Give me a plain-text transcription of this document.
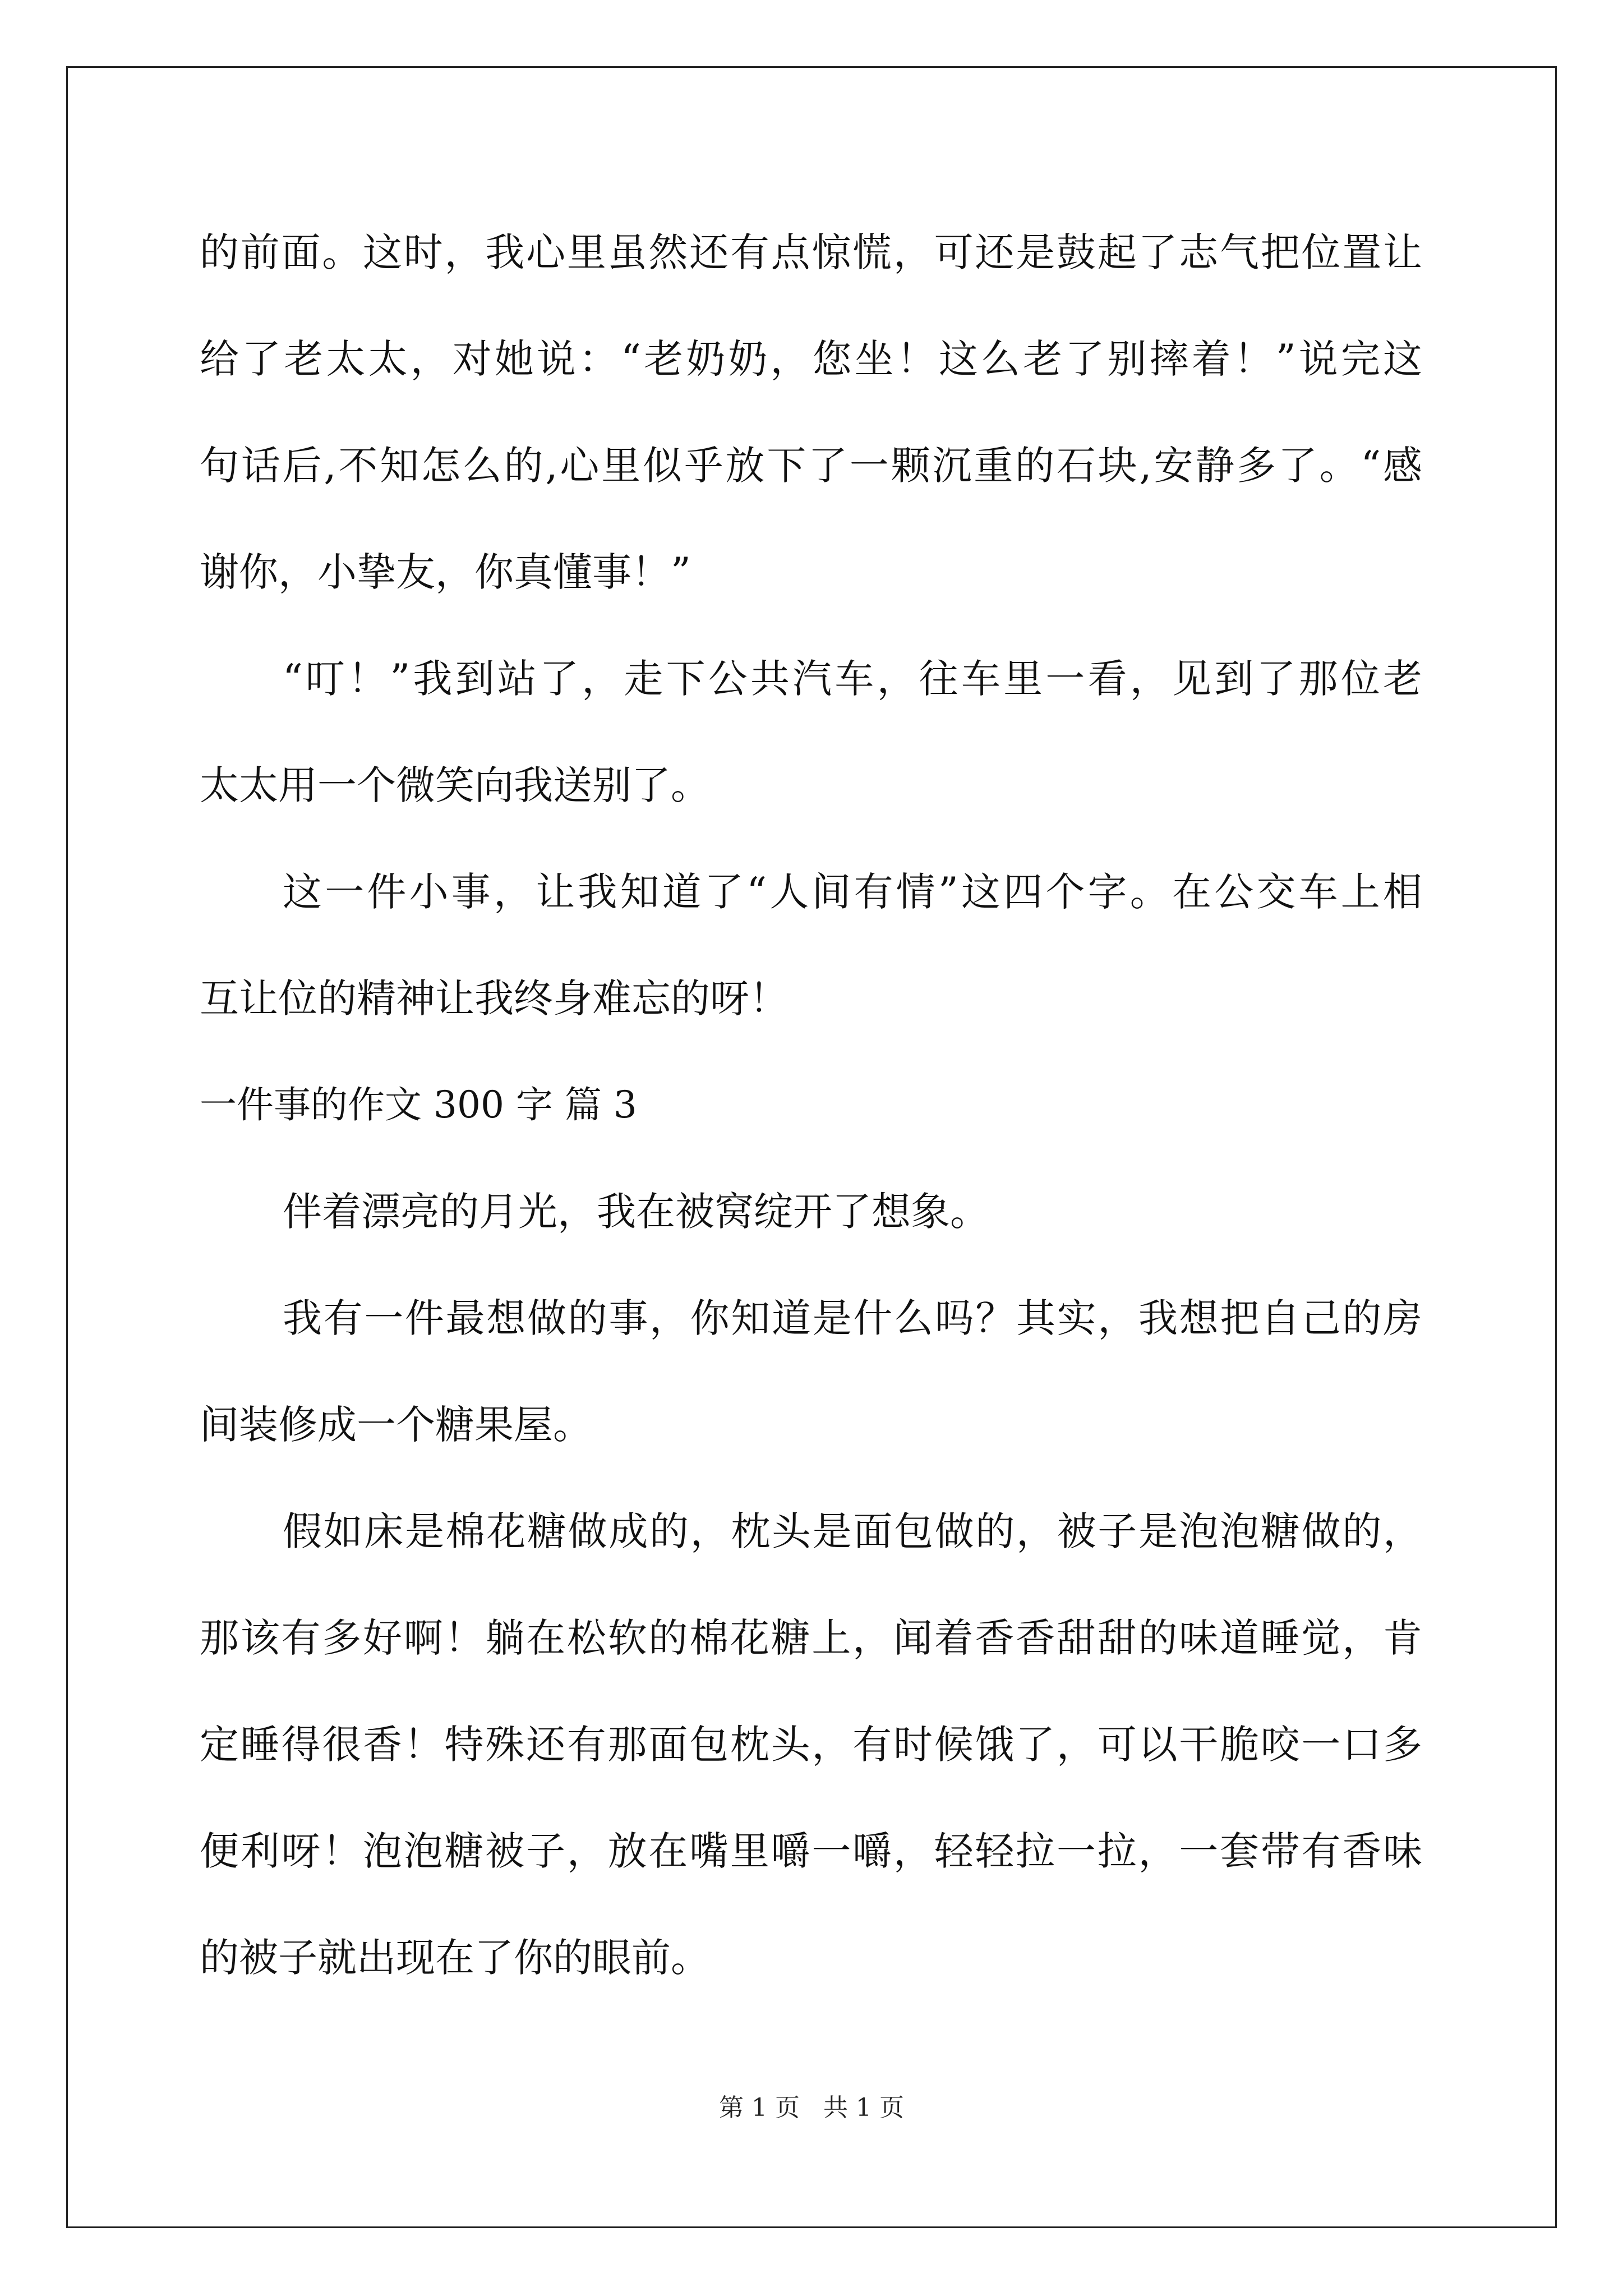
的前面。这时，我心里虽然还有点惊慌，可还是鼓起了志气把位置让
给了老太太，对她说：“老奶奶，您坐！这么老了别摔着！”说完这
句话后,不知怎么的,心里似乎放下了一颗沉重的石块,安静多了。“感
谢你，小挚友，你真懂事！”
“叮！”我到站了，走下公共汽车，往车里一看，见到了那位老
太太用一个微笑向我送别了。
这一件小事，让我知道了“人间有情”这四个字。在公交车上相
互让位的精神让我终身难忘的呀！
一件事的作文 300 字 篇 3
伴着漂亮的月光，我在被窝绽开了想象。
我有一件最想做的事，你知道是什么吗？其实，我想把自己的房
间装修成一个糖果屋。
假如床是棉花糖做成的，枕头是面包做的，被子是泡泡糖做的，
那该有多好啊！躺在松软的棉花糖上，闻着香香甜甜的味道睡觉，肯
定睡得很香！特殊还有那面包枕头，有时候饿了，可以干脆咬一口多
便利呀！泡泡糖被子，放在嘴里嚼一嚼，轻轻拉一拉，一套带有香味
的被子就出现在了你的眼前。
第 1 页 共 1 页
